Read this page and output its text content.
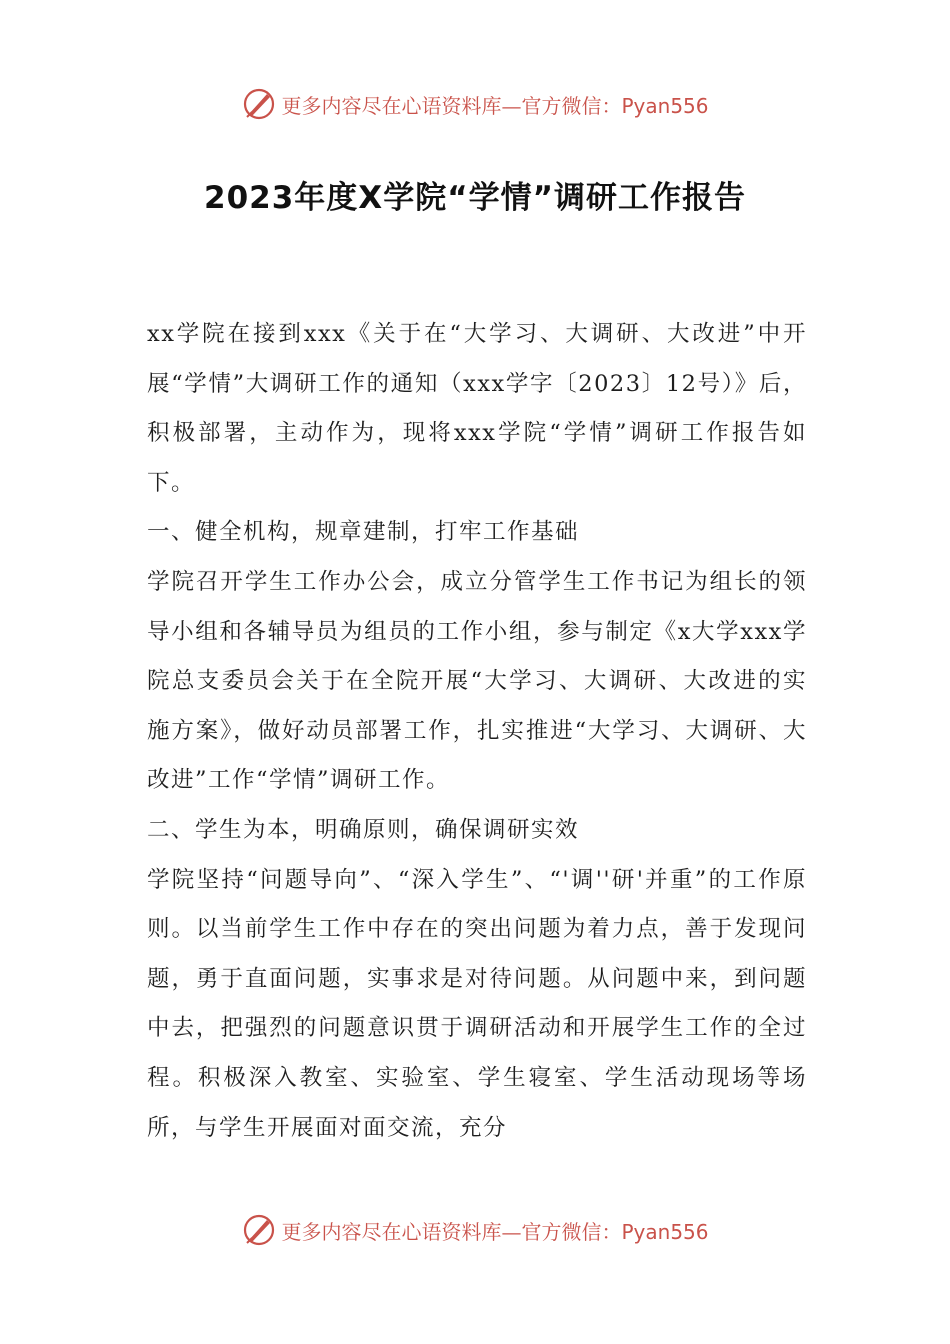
更多内容尽在心语资料库—官方微信：Pyan556
2023年度X学院“学情”调研工作报告

xx学院在接到xxx《关于在“大学习、大调研、大改进”中开展“学情”大调研工作的通知（xxx学字〔2023〕12号）》后，积极部署，主动作为，现将xxx学院“学情”调研工作报告如下。

一、健全机构，规章建制，打牢工作基础

学院召开学生工作办公会，成立分管学生工作书记为组长的领导小组和各辅导员为组员的工作小组，参与制定《x大学xxx学院总支委员会关于在全院开展“大学习、大调研、大改进的实施方案》，做好动员部署工作，扎实推进“大学习、大调研、大改进”工作“学情”调研工作。

二、学生为本，明确原则，确保调研实效

学院坚持“问题导向”、“深入学生”、“'调''研'并重”的工作原则。以当前学生工作中存在的突出问题为着力点，善于发现问题，勇于直面问题，实事求是对待问题。从问题中来，到问题中去，把强烈的问题意识贯于调研活动和开展学生工作的全过程。积极深入教室、实验室、学生寝室、学生活动现场等场所，与学生开展面对面交流，充分

更多内容尽在心语资料库—官方微信：Pyan556
